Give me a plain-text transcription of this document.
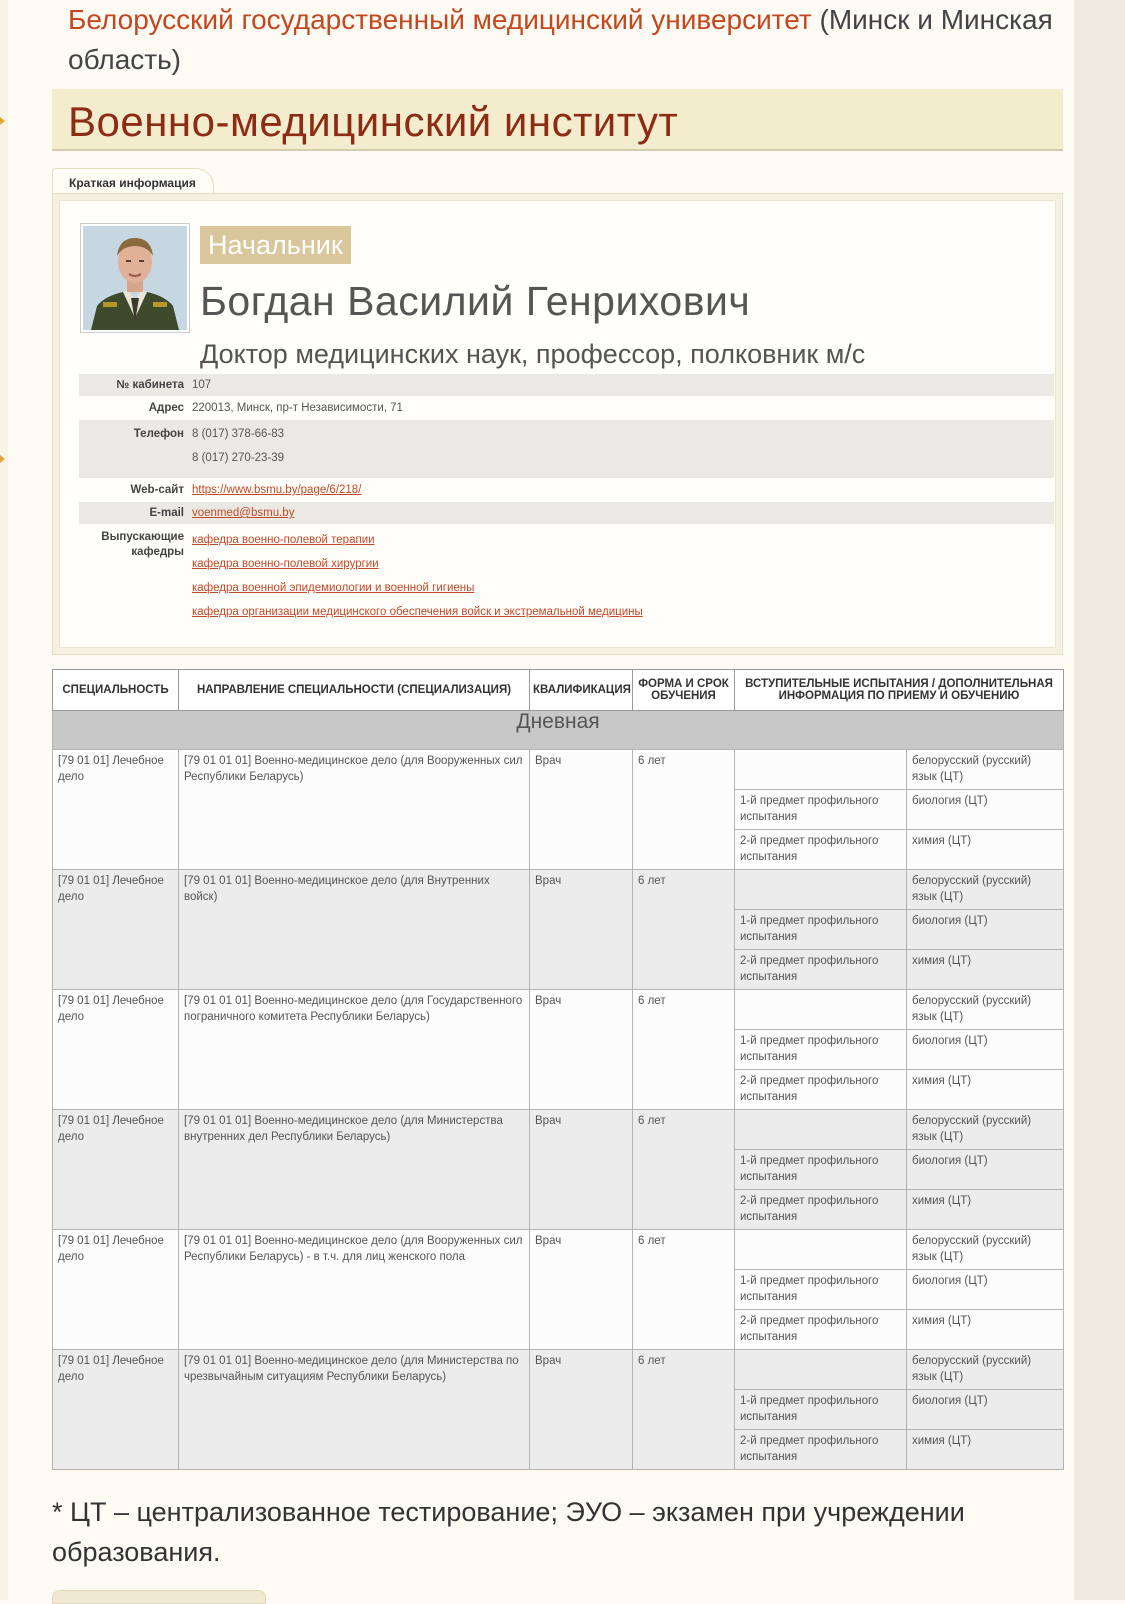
Белорусский государственный медицинский университет (Минск и Минская область)

Военно-медицинский институт
Краткая информация
Начальник
Богдан Василий Генрихович
Доктор медицинских наук, профессор, полковник м/с
№ кабинета 107
Адрес 220013, Минск, пр-т Независимости, 71
Телефон 8 (017) 378-66-83
8 (017) 270-23-39
Web-сайт https://www.bsmu.by/page/6/218/
E-mail voenmed@bsmu.by
Выпускающие кафедры
кафедра военно-полевой терапии
кафедра военно-полевой хирургии
кафедра военной эпидемиологии и военной гигиены
кафедра организации медицинского обеспечения войск и экстремальной медицины
СПЕЦИАЛЬНОСТЬ	НАПРАВЛЕНИЕ СПЕЦИАЛЬНОСТИ (СПЕЦИАЛИЗАЦИЯ)	КВАЛИФИКАЦИЯ	ФОРМА И СРОК ОБУЧЕНИЯ	ВСТУПИТЕЛЬНЫЕ ИСПЫТАНИЯ / ДОПОЛНИТЕЛЬНАЯ ИНФОРМАЦИЯ ПО ПРИЕМУ И ОБУЧЕНИЮ	
Дневная					
[79 01 01] Лечебное дело	[79 01 01 01] Военно-медицинское дело (для Вооруженных сил Республики Беларусь)	Врач	6 лет		белорусский (русский) язык (ЦТ)
				1-й предмет профильного испытания	биология (ЦТ)
				2-й предмет профильного испытания	химия (ЦТ)
[79 01 01] Лечебное дело	[79 01 01 01] Военно-медицинское дело (для Внутренних войск)	Врач	6 лет		белорусский (русский) язык (ЦТ)
				1-й предмет профильного испытания	биология (ЦТ)
				2-й предмет профильного испытания	химия (ЦТ)
[79 01 01] Лечебное дело	[79 01 01 01] Военно-медицинское дело (для Государственного пограничного комитета Республики Беларусь)	Врач	6 лет		белорусский (русский) язык (ЦТ)
				1-й предмет профильного испытания	биология (ЦТ)
				2-й предмет профильного испытания	химия (ЦТ)
[79 01 01] Лечебное дело	[79 01 01 01] Военно-медицинское дело (для Министерства внутренних дел Республики Беларусь)	Врач	6 лет		белорусский (русский) язык (ЦТ)
				1-й предмет профильного испытания	биология (ЦТ)
				2-й предмет профильного испытания	химия (ЦТ)
[79 01 01] Лечебное дело	[79 01 01 01] Военно-медицинское дело (для Вооруженных сил Республики Беларусь) - в т.ч. для лиц женского пола	Врач	6 лет		белорусский (русский) язык (ЦТ)
				1-й предмет профильного испытания	биология (ЦТ)
				2-й предмет профильного испытания	химия (ЦТ)
[79 01 01] Лечебное дело	[79 01 01 01] Военно-медицинское дело (для Министерства по чрезвычайным ситуациям Республики Беларусь)	Врач	6 лет		белорусский (русский) язык (ЦТ)
				1-й предмет профильного испытания	биология (ЦТ)
				2-й предмет профильного испытания	химия (ЦТ)

* ЦТ – централизованное тестирование; ЭУО – экзамен при учреждении образования.
